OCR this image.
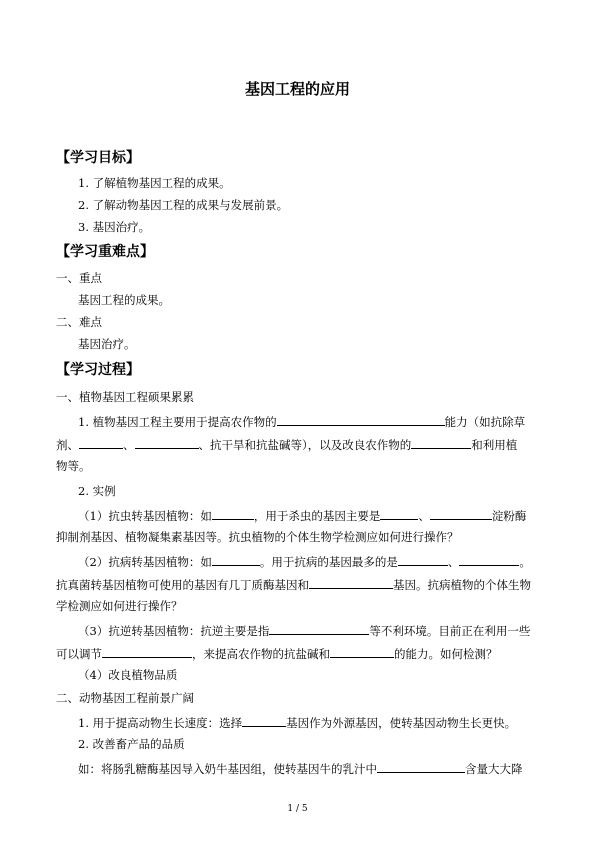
基因工程的应用
【学习目标】
1. 了解植物基因工程的成果。
2. 了解动物基因工程的成果与发展前景。
3. 基因治疗。
【学习重难点】
一、重点
基因工程的成果。
二、难点
基因治疗。
【学习过程】
一、植物基因工程硕果累累
1. 植物基因工程主要用于提高农作物的	能力（如抗除草
剂、	、	、抗干旱和抗盐碱等），以及改良农作物的	和利用植
物等。
2. 实例
（1）抗虫转基因植物：如	，用于杀虫的基因主要是	、	淀粉酶
抑制剂基因、植物凝集素基因等。抗虫植物的个体生物学检测应如何进行操作？
（2）抗病转基因植物：如	。用于抗病的基因最多的是	、	。
抗真菌转基因植物可使用的基因有几丁质酶基因和	基因。抗病植物的个体生物
学检测应如何进行操作？
（3）抗逆转基因植物：抗逆主要是指	等不利环境。目前正在利用一些
可以调节	，来提高农作物的抗盐碱和	的能力。如何检测？
（4）改良植物品质
二、动物基因工程前景广阔
1. 用于提高动物生长速度：选择	基因作为外源基因，使转基因动物生长更快。
2. 改善畜产品的品质
如：将肠乳糖酶基因导入奶牛基因组，使转基因牛的乳汁中	含量大大降
1 / 5
